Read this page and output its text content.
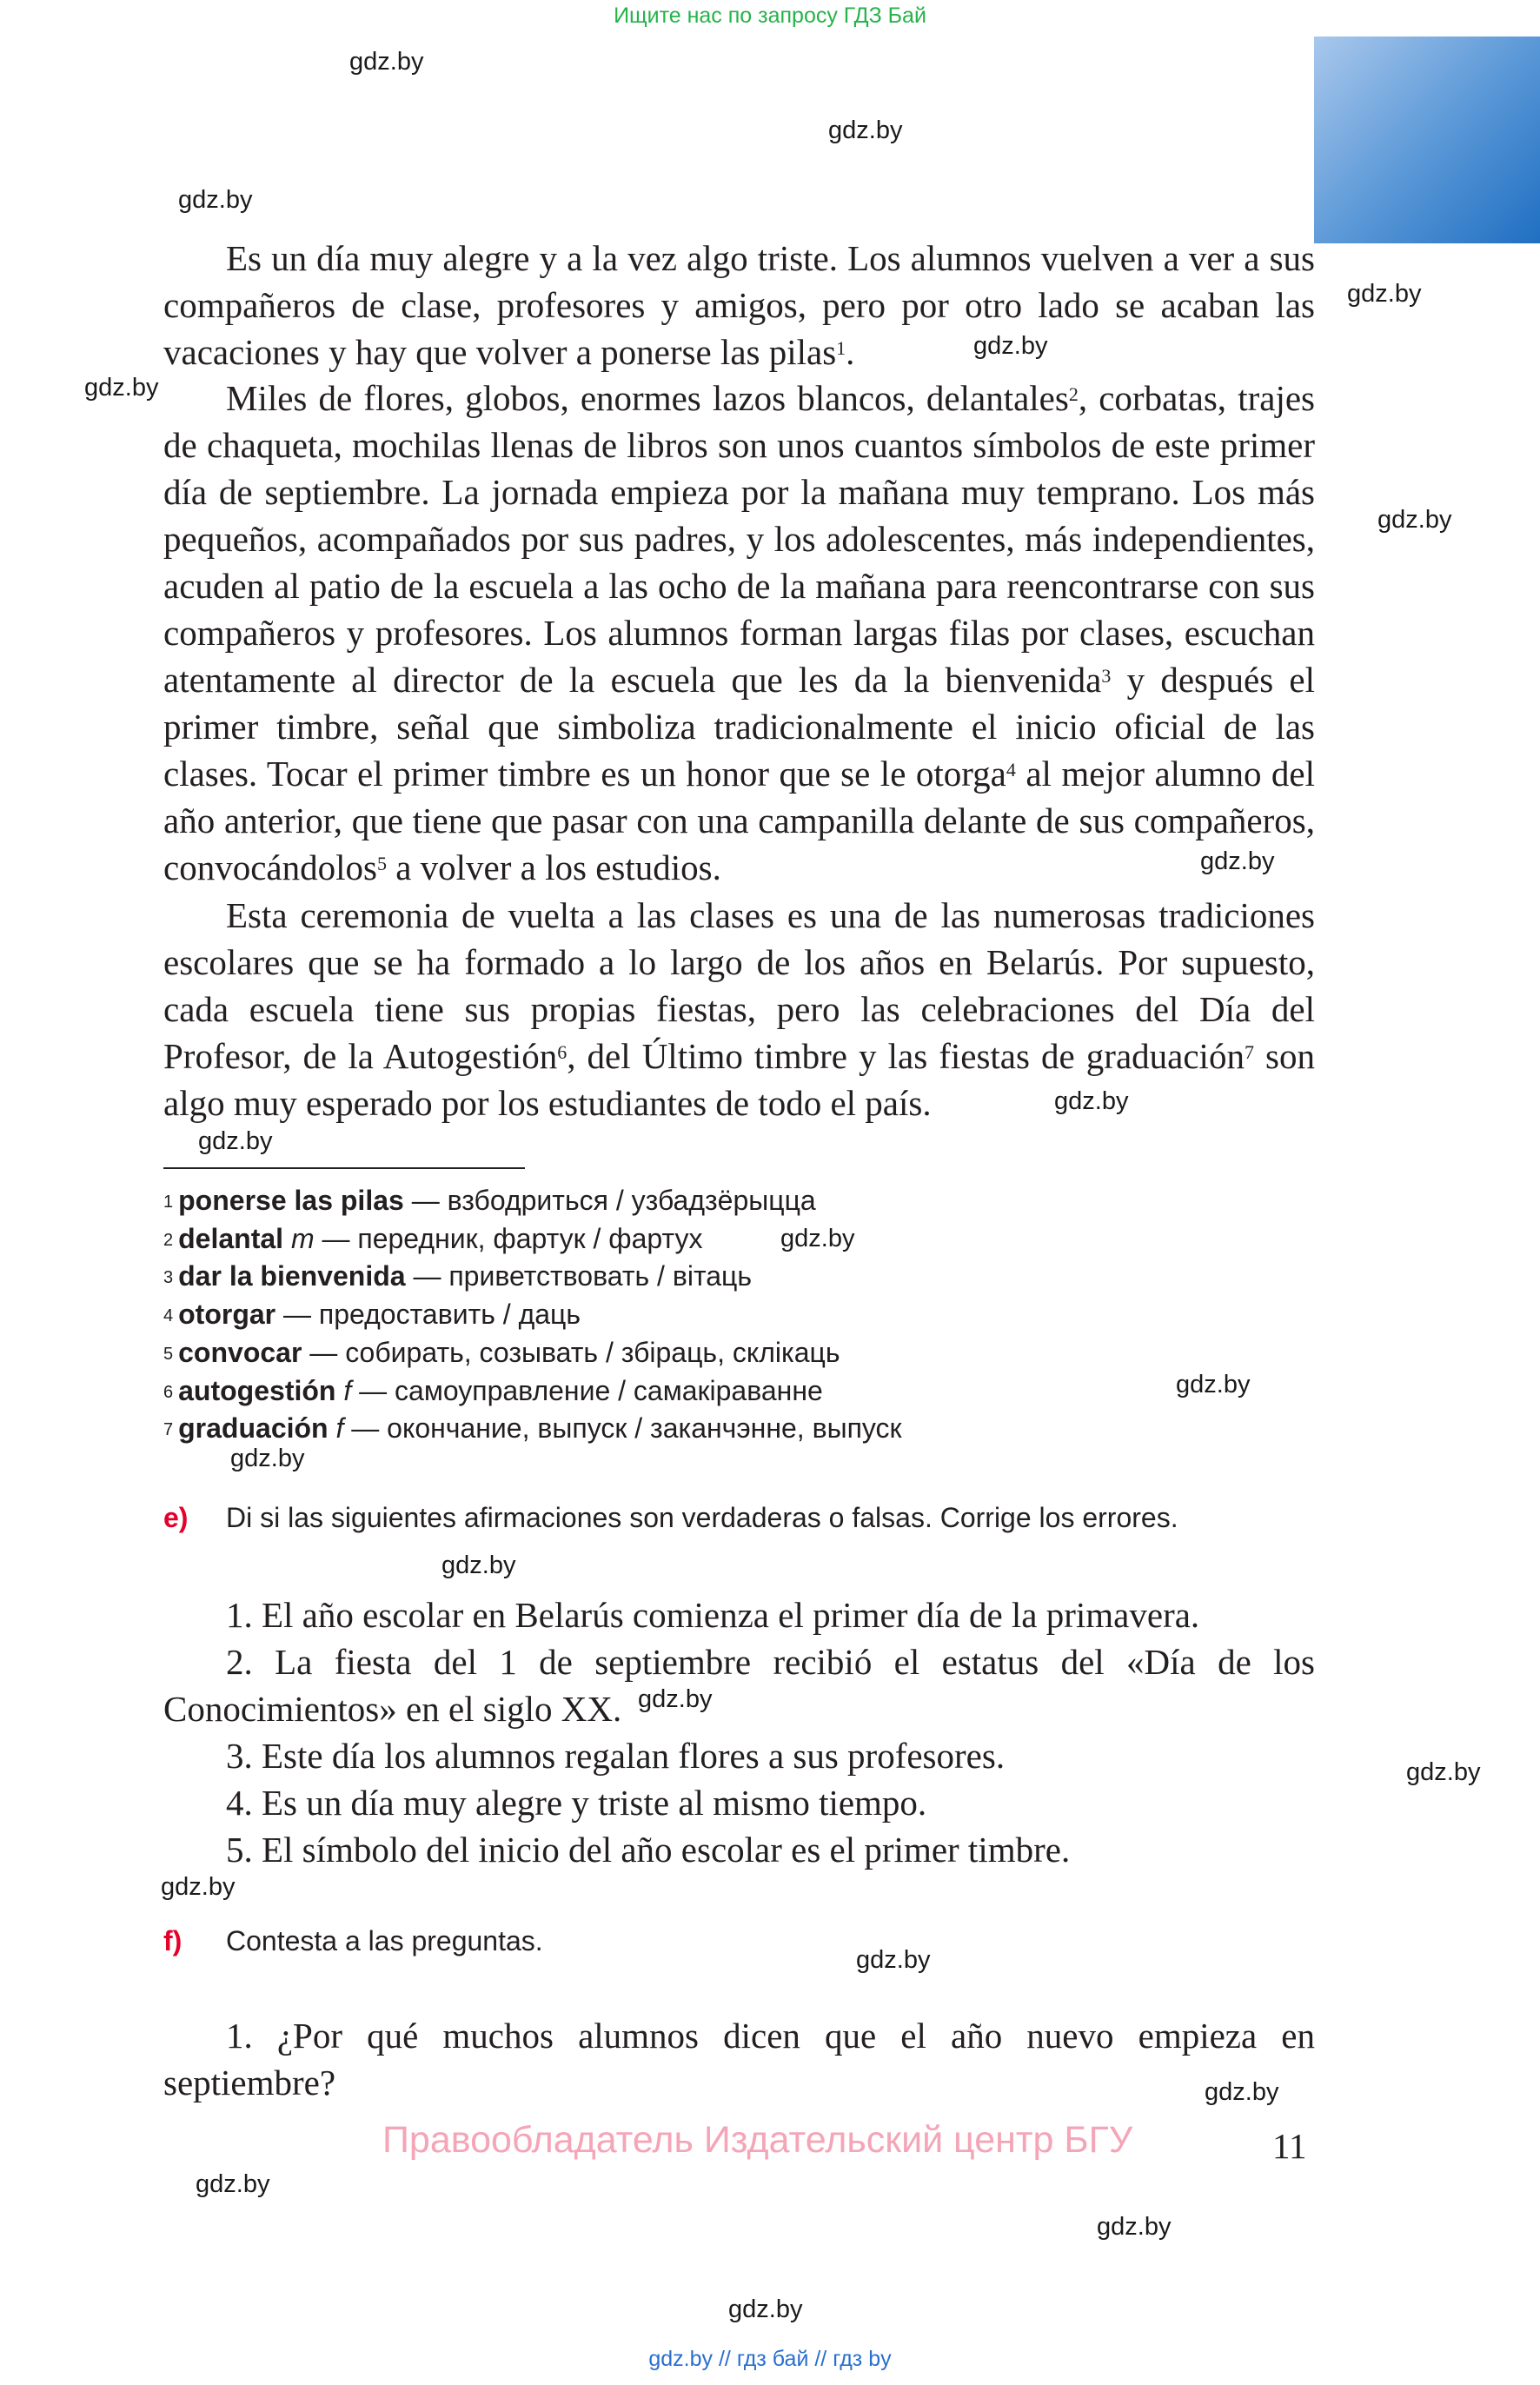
Ищите нас по запросу ГДЗ Бай

Es un día muy alegre y a la vez algo triste. Los alumnos vuelven a ver a sus compañeros de clase, profesores y amigos, pero por otro lado se acaban las vacaciones y hay que volver a ponerse las pilas$^1$.

Miles de flores, globos, enormes lazos blancos, delantales$^2$, corbatas, trajes de chaqueta, mochilas llenas de libros son unos cuantos símbolos de este primer día de septiembre. La jornada empieza por la mañana muy temprano. Los más pequeños, acompañados por sus padres, y los adolescentes, más independientes, acuden al patio de la escuela a las ocho de la mañana para reencontrarse con sus compañeros y profesores. Los alumnos forman largas filas por clases, escuchan atentamente al director de la escuela que les da la bienvenida$^3$ y después el primer timbre, señal que simboliza tradicionalmente el inicio oficial de las clases. Tocar el primer timbre es un honor que se le otorga$^4$ al mejor alumno del año anterior, que tiene que pasar con una campanilla delante de sus compañeros, convocándolos$^5$ a volver a los estudios.

Esta ceremonia de vuelta a las clases es una de las numerosas tradiciones escolares que se ha formado a lo largo de los años en Belarús. Por supuesto, cada escuela tiene sus propias fiestas, pero las celebraciones del Día del Profesor, de la Autogestión$^6$, del Último timbre y las fiestas de graduación$^7$ son algo muy esperado por los estudiantes de todo el país.

$^1$ ponerse las pilas — взбодриться / узбадзёрыцца
$^2$ delantal m — передник, фартук / фартух
$^3$ dar la bienvenida — приветствовать / вітаць
$^4$ otorgar — предоставить / даць
$^5$ convocar — собирать, созывать / збіраць, склікаць
$^6$ autogestión f — самоуправление / самакіраванне
$^7$ graduación f — окончание, выпуск / заканчэнне, выпуск
e) Di si las siguientes afirmaciones son verdaderas o falsas. Corrige los errores.

1. El año escolar en Belarús comienza el primer día de la primavera.

2. La fiesta del 1 de septiembre recibió el estatus del «Día de los Conocimientos» en el siglo XX.

3. Este día los alumnos regalan flores a sus profesores.

4. Es un día muy alegre y triste al mismo tiempo.

5. El símbolo del inicio del año escolar es el primer timbre.

f) Contesta a las preguntas.

1. ¿Por qué muchos alumnos dicen que el año nuevo empieza en septiembre?

Правообладатель Издательский центр БГУ	11
gdz.by
gdz.by
gdz.by
gdz.by
gdz.by
gdz.by
gdz.by
gdz.by
gdz.by
gdz.by
gdz.by
gdz.by
gdz.by
gdz.by
gdz.by
gdz.by
gdz.by
gdz.by
gdz.by
gdz.by
gdz.by
gdz.by
gdz.by // гдз бай // гдз by
